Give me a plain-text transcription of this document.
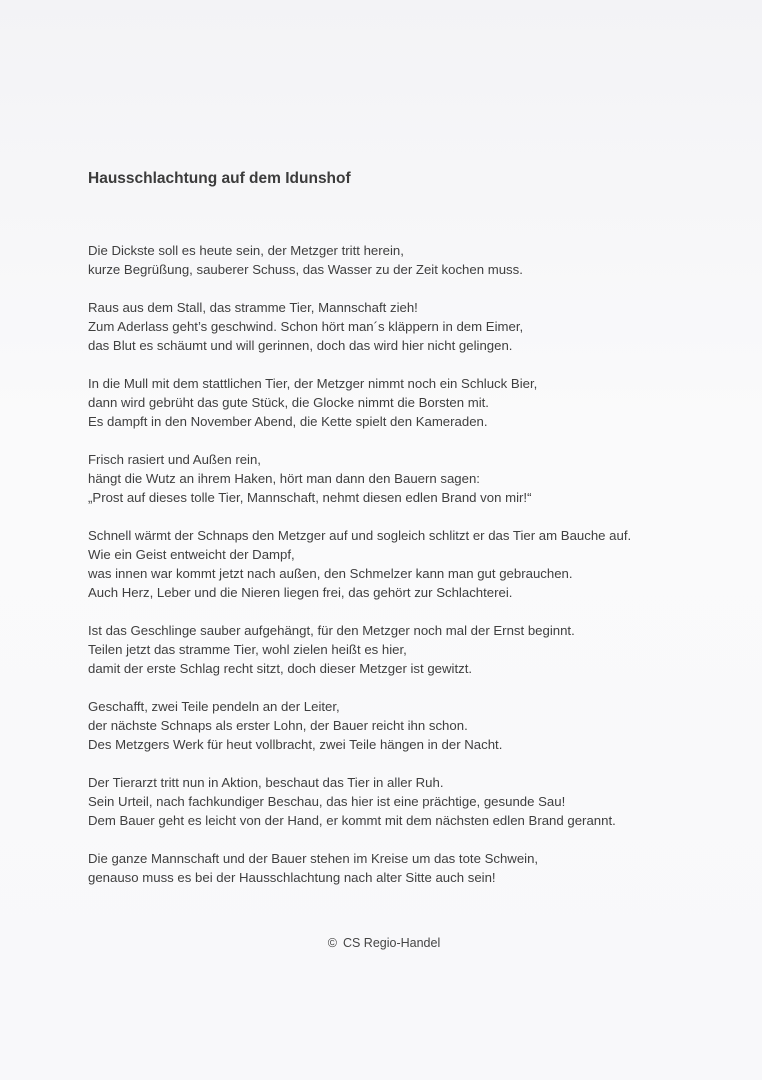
Hausschlachtung auf dem Idunshof
Die Dickste soll es heute sein, der Metzger tritt herein,
kurze Begrüßung, sauberer Schuss, das Wasser zu der Zeit kochen muss.
Raus aus dem Stall, das stramme Tier, Mannschaft zieh!
Zum Aderlass geht’s geschwind. Schon hört man´s kläppern in dem Eimer,
das Blut es schäumt und will gerinnen, doch das wird hier nicht gelingen.
In die Mull mit dem stattlichen Tier, der Metzger nimmt noch ein Schluck Bier,
dann wird gebrüht das gute Stück, die Glocke nimmt die Borsten mit.
Es dampft in den November Abend, die Kette spielt den Kameraden.
Frisch rasiert und Außen rein,
hängt die Wutz an ihrem Haken, hört man dann den Bauern sagen:
„Prost auf dieses tolle Tier, Mannschaft, nehmt diesen edlen Brand von mir!“
Schnell wärmt der Schnaps den Metzger auf und sogleich schlitzt er das Tier am Bauche auf.
Wie ein Geist entweicht der Dampf,
was innen war kommt jetzt nach außen, den Schmelzer kann man gut gebrauchen.
Auch Herz, Leber und die Nieren liegen frei, das gehört zur Schlachterei.
Ist das Geschlinge sauber aufgehängt, für den Metzger noch mal der Ernst beginnt.
Teilen jetzt das stramme Tier, wohl zielen heißt es hier,
damit der erste Schlag recht sitzt, doch dieser Metzger ist gewitzt.
Geschafft, zwei Teile pendeln an der Leiter,
der nächste Schnaps als erster Lohn, der Bauer reicht ihn schon.
Des Metzgers Werk für heut vollbracht, zwei Teile hängen in der Nacht.
Der Tierarzt tritt nun in Aktion, beschaut das Tier in aller Ruh.
Sein Urteil, nach fachkundiger Beschau, das hier ist eine prächtige, gesunde Sau!
Dem Bauer geht es leicht von der Hand, er kommt mit dem nächsten edlen Brand gerannt.
Die ganze Mannschaft und der Bauer stehen im Kreise um das tote Schwein,
genauso muss es bei der Hausschlachtung nach alter Sitte auch sein!
© CS Regio-Handel
